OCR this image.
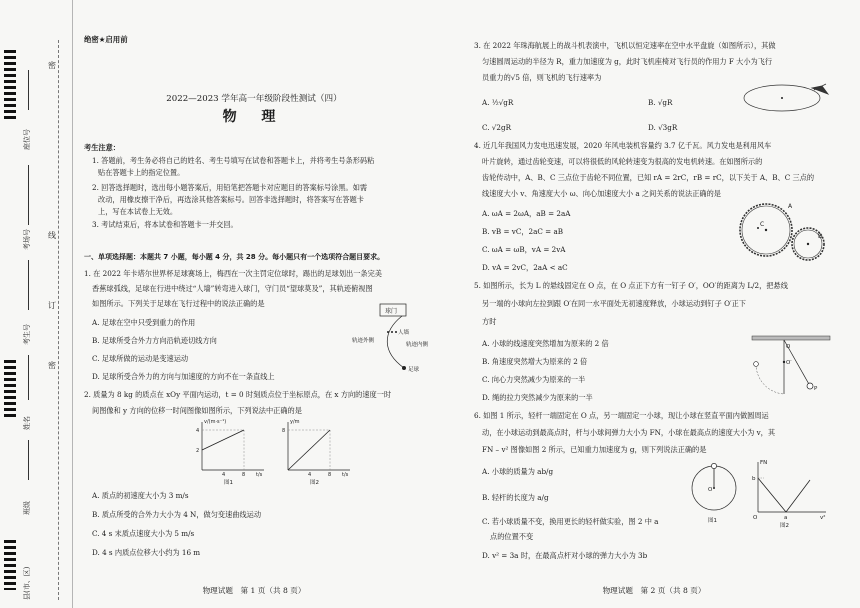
座位号
考场号
考生号
姓名
班级
县(市、区)
密
线
订
密
绝密★启用前
2022—2023 学年高一年级阶段性测试（四）
物 理
考生注意：
1. 答题前，考生务必将自己的姓名、考生号填写在试卷和答题卡上，并将考生号条形码粘
贴在答题卡上的指定位置。
2. 回答选择题时，选出每小题答案后，用铅笔把答题卡对应题目的答案标号涂黑。如需
改动，用橡皮擦干净后，再选涂其他答案标号。回答非选择题时，将答案写在答题卡
上，写在本试卷上无效。
3. 考试结束后，将本试卷和答题卡一并交回。
一、单项选择题：本题共 7 小题，每小题 4 分，共 28 分。每小题只有一个选项符合题目要求。
1. 在 2022 年卡塔尔世界杯足球赛场上，梅西在一次主罚定位球时，踢出的足球划出一条完美
香蕉球弧线，足球在行进中绕过“人墙”转弯进入球门，守门员“望球莫及”，其轨迹俯视图
如图所示。下列关于足球在飞行过程中的说法正确的是
A. 足球在空中只受到重力的作用
B. 足球所受合外力方向沿轨迹切线方向
C. 足球所做的运动是变速运动
D. 足球所受合外力的方向与加速度的方向不在一条直线上
球门
人墙
轨迹外侧
轨迹内侧
足球
2. 质量为 8 kg 的质点在 xOy 平面内运动，t = 0 时刻质点位于坐标原点，在 x 方向的速度一时
间图像和 y 方向的位移一时间图像如图所示，下列说法中正确的是
v/(m·s⁻¹)
4
2
4	8 t/s
图1
y/m
8
4	8 t/s
图2
A. 质点的初速度大小为 3 m/s
B. 质点所受的合外力大小为 4 N，做匀变速曲线运动
C. 4 s 末质点速度大小为 5 m/s
D. 4 s 内质点位移大小约为 16 m
物理试题　第 1 页（共 8 页）
3. 在 2022 年珠海航展上的战斗机表演中，飞机以恒定速率在空中水平盘旋（如图所示），其做
匀速圆周运动的半径为 R，重力加速度为 g，此时飞机座椅对飞行员的作用力 F 大小为飞行
员重力的√5 倍，则飞机的飞行速率为
A. ½√gR	B. √gR
C. √2gR	D. √3gR
4. 近几年我国风力发电迅速发展，2020 年风电装机容量约 3.7 亿千瓦。风力发电是利用风车
叶片旋转，通过齿轮变速，可以将很低的风轮转速变为很高的发电机转速。在如图所示的
齿轮传动中，A、B、C 三点位于齿轮不同位置，已知 rA = 2rC，rB = rC，以下关于 A、B、C 三点的
线速度大小 v、角速度大小 ω、向心加速度大小 a 之间关系的说法正确的是
A. ωA = 2ωA，aB = 2aA
B. vB = vC，2aC = aB
C. ωA = ωB，vA = 2vA
D. vA = 2vC，2aA < aC
C
A
B
5. 如图所示，长为 L 的悬线固定在 O 点，在 O 点正下方有一钉子 O′，OO′的距离为 L/2，把悬线
另一端的小球向左拉到跟 O′在同一水平面处无初速度释放，小球运动到钉子 O′正下
方时
A. 小球的线速度突然增加为原来的 2 倍
B. 角速度突然增大为原来的 2 倍
C. 向心力突然减少为原来的一半
D. 绳的拉力突然减少为原来的一半
O
O′
P
6. 如图 1 所示，轻杆一端固定在 O 点，另一端固定一小球，现让小球在竖直平面内做圆周运
动，在小球运动到最高点时，杆与小球间弹力大小为 FN，小球在最高点的速度大小为 v，其
FN – v² 图像如图 2 所示，已知重力加速度为 g，则下列说法正确的是
A. 小球的质量为 ab/g
B. 轻杆的长度为 a/g
C. 若小球质量不变，换用更长的轻杆做实验，图 2 中 a
点的位置不变
D. v² = 3a 时，在最高点杆对小球的弹力大小为 3b
O
图1
FN
b
a
O	v²
图2
物理试题　第 2 页（共 8 页）
